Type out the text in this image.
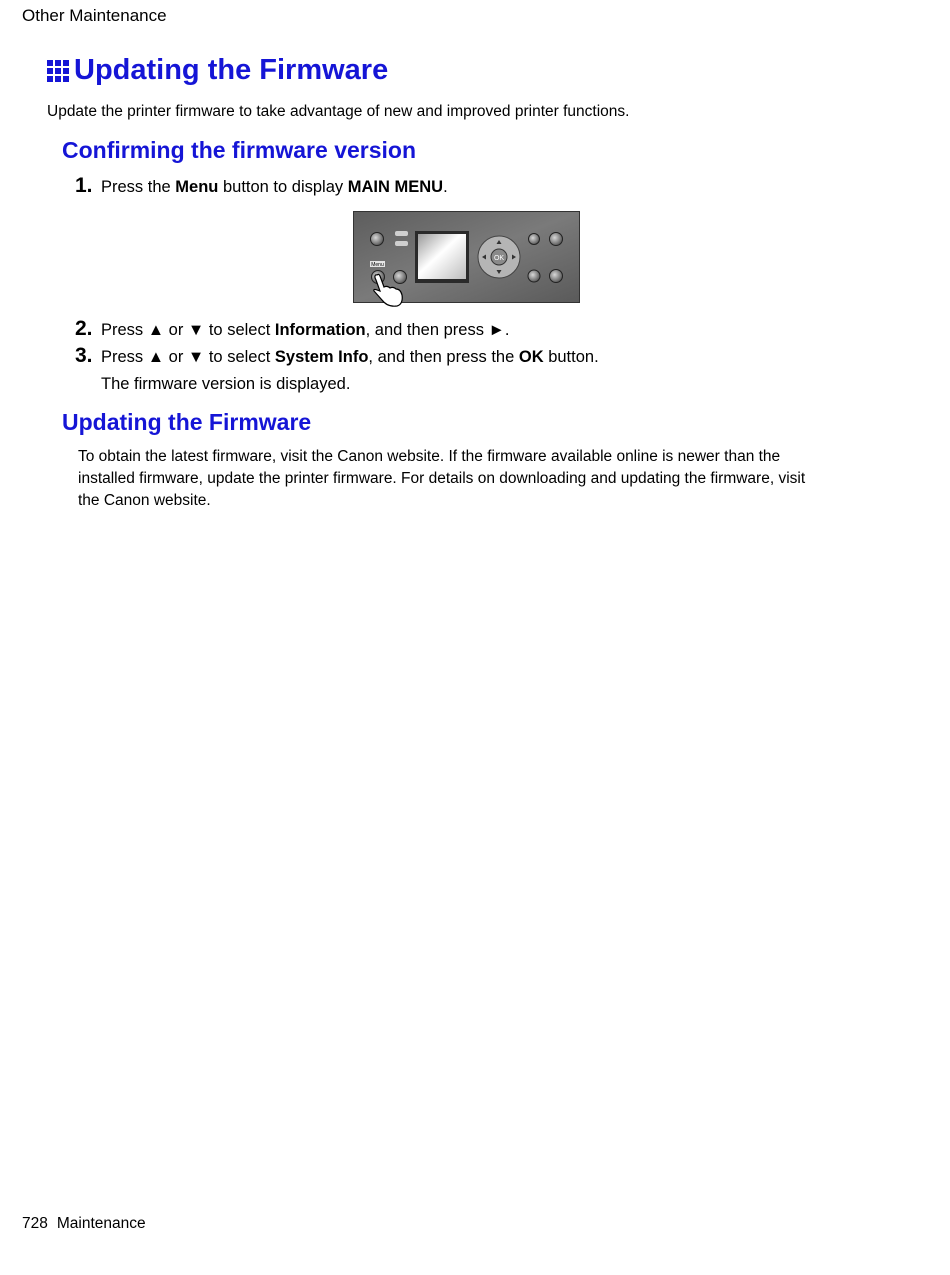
Other Maintenance
Updating the Firmware
Update the printer firmware to take advantage of new and improved printer functions.
Confirming the firmware version
1. Press the Menu button to display MAIN MENU.
OK
Menu
2. Press ▲ or ▼ to select Information, and then press ►.
3. Press ▲ or ▼ to select System Info, and then press the OK button.
The firmware version is displayed.
Updating the Firmware
To obtain the latest firmware, visit the Canon website. If the firmware available online is newer than the installed firmware, update the printer firmware. For details on downloading and updating the firmware, visit the Canon website.
728 Maintenance
